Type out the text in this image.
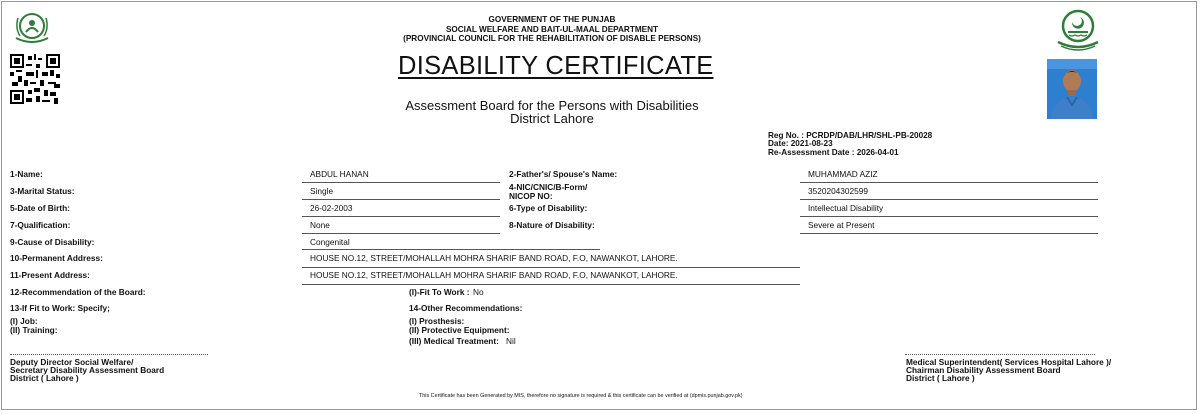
GOVERNMENT OF THE PUNJAB
SOCIAL WELFARE AND BAIT-UL-MAAL DEPARTMENT
(PROVINCIAL COUNCIL FOR THE REHABILITATION OF DISABLE PERSONS)
DISABILITY CERTIFICATE
Assessment Board for the Persons with Disabilities
District Lahore
Reg No. : PCRDP/DAB/LHR/SHL-PB-20028
Date: 2021-08-23
Re-Assessment Date : 2026-04-01
1-Name:	ABDUL HANAN	2-Father's/ Spouse's Name:	MUHAMMAD AZIZ
3-Marital Status:	Single	4-NIC/CNIC/B-Form/
NICOP NO:	3520204302599
5-Date of Birth:	26-02-2003	6-Type of Disability:	Intellectual Disability
7-Qualification:	None	8-Nature of Disability:	Severe at Present
9-Cause of Disability:	Congenital
10-Permanent Address:	HOUSE NO.12, STREET/MOHALLAH MOHRA SHARIF BAND ROAD, F.O, NAWANKOT, LAHORE.
11-Present Address:	HOUSE NO.12, STREET/MOHALLAH MOHRA SHARIF BAND ROAD, F.O, NAWANKOT, LAHORE.
12-Recommendation of the Board:	(I)-Fit To Work : No
13-If Fit to Work: Specify;	14-Other Recommendations:
(I) Job:
(II) Training:
(I) Prosthesis:
(II) Protective Equipment:
(III) Medical Treatment: Nil
Deputy Director Social Welfare/
Secretary Disability Assessment Board
District ( Lahore )
Medical Superintendent( Services Hospital Lahore )/
Chairman Disability Assessment Board
District ( Lahore )
This Certificate has been Generated by MIS, therefore no signature is required & this certificate can be verified at (dpmis.punjab.gov.pk)
